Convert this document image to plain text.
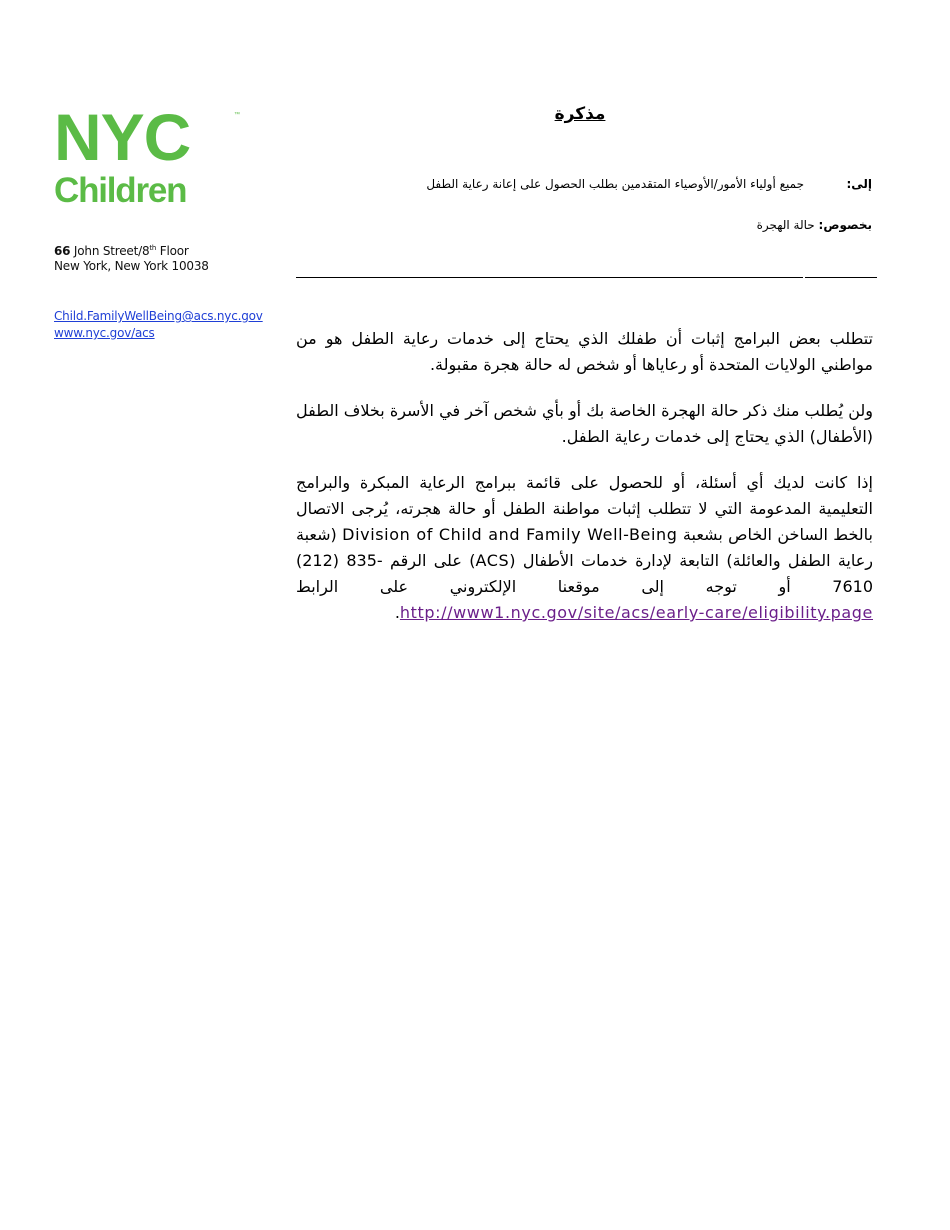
NYC	™
Children
66 John Street/8th Floor
New York, New York 10038
Child.FamilyWellBeing@acs.nyc.gov
www.nyc.gov/acs
مذكرة
إلى:
جميع أولياء الأمور/الأوصياء المتقدمين بطلب الحصول على إعانة رعاية الطفل
بخصوص: حالة الهجرة

تتطلب بعض البرامج إثبات أن طفلك الذي يحتاج إلى خدمات رعاية الطفل هو من مواطني الولايات المتحدة أو رعاياها أو شخص له حالة هجرة مقبولة.

ولن يُطلب منك ذكر حالة الهجرة الخاصة بك أو بأي شخص آخر في الأسرة بخلاف الطفل (الأطفال) الذي يحتاج إلى خدمات رعاية الطفل.

إذا كانت لديك أي أسئلة، أو للحصول على قائمة ببرامج الرعاية المبكرة والبرامج التعليمية المدعومة التي لا تتطلب إثبات مواطنة الطفل أو حالة هجرته، يُرجى الاتصال بالخط الساخن الخاص بشعبة Division of Child and Family Well-Being (شعبة رعاية الطفل والعائلة) التابعة لإدارة خدمات الأطفال (ACS) على الرقم (212) 835-7610 أو توجه إلى موقعنا الإلكتروني على الرابط http://www1.nyc.gov/site/acs/early-care/eligibility.page.
